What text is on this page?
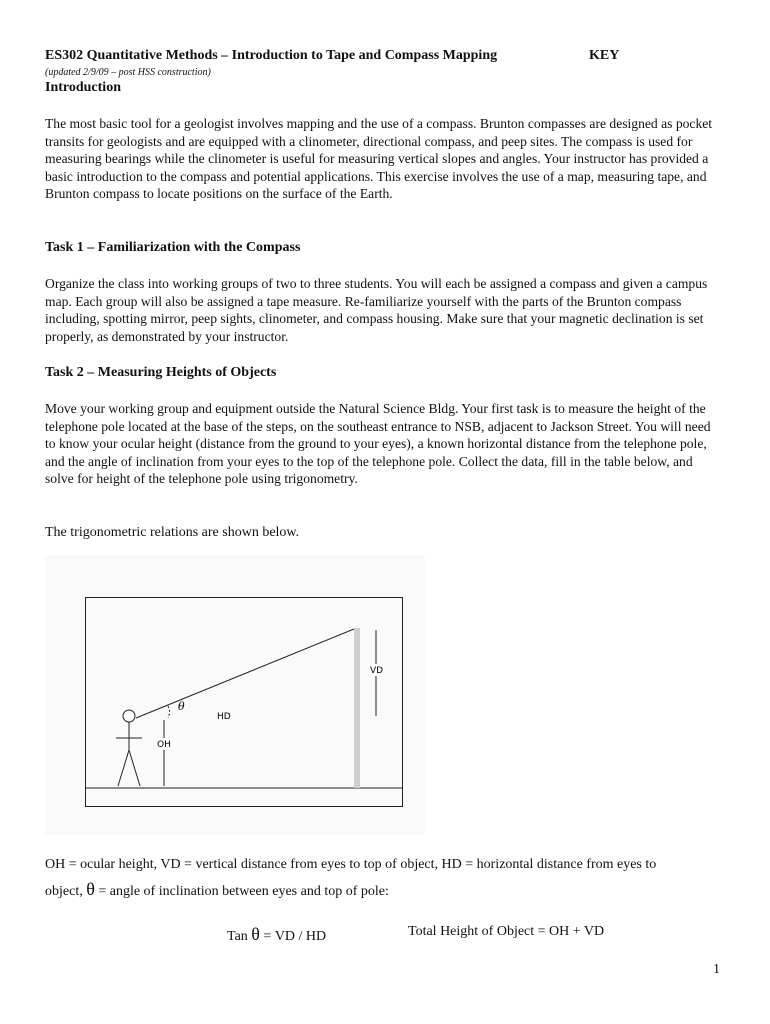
ES302 Quantitative Methods – Introduction to Tape and Compass Mapping	KEY
(updated 2/9/09 – post HSS construction)
Introduction

The most basic tool for a geologist involves mapping and the use of a compass. Brunton compasses are designed as pocket transits for geologists and are equipped with a clinometer, directional compass, and peep sites. The compass is used for measuring bearings while the clinometer is useful for measuring vertical slopes and angles. Your instructor has provided a basic introduction to the compass and potential applications. This exercise involves the use of a map, measuring tape, and Brunton compass to locate positions on the surface of the Earth.

Task 1 – Familiarization with the Compass

Organize the class into working groups of two to three students. You will each be assigned a compass and given a campus map. Each group will also be assigned a tape measure. Re-familiarize yourself with the parts of the Brunton compass including, spotting mirror, peep sights, clinometer, and compass housing. Make sure that your magnetic declination is set properly, as demonstrated by your instructor.

Task 2 – Measuring Heights of Objects

Move your working group and equipment outside the Natural Science Bldg. Your first task is to measure the height of the telephone pole located at the base of the steps, on the southeast entrance to NSB, adjacent to Jackson Street. You will need to know your ocular height (distance from the ground to your eyes), a known horizontal distance from the telephone pole, and the angle of inclination from your eyes to the top of the telephone pole. Collect the data, fill in the table below, and solve for height of the telephone pole using trigonometry.

The trigonometric relations are shown below.
VD
HD
OH
θ
OH = ocular height, VD = vertical distance from eyes to top of object, HD = horizontal distance from eyes to
object, θ = angle of inclination between eyes and top of pole:
Tan θ = VD / HD	Total Height of Object = OH + VD
1
